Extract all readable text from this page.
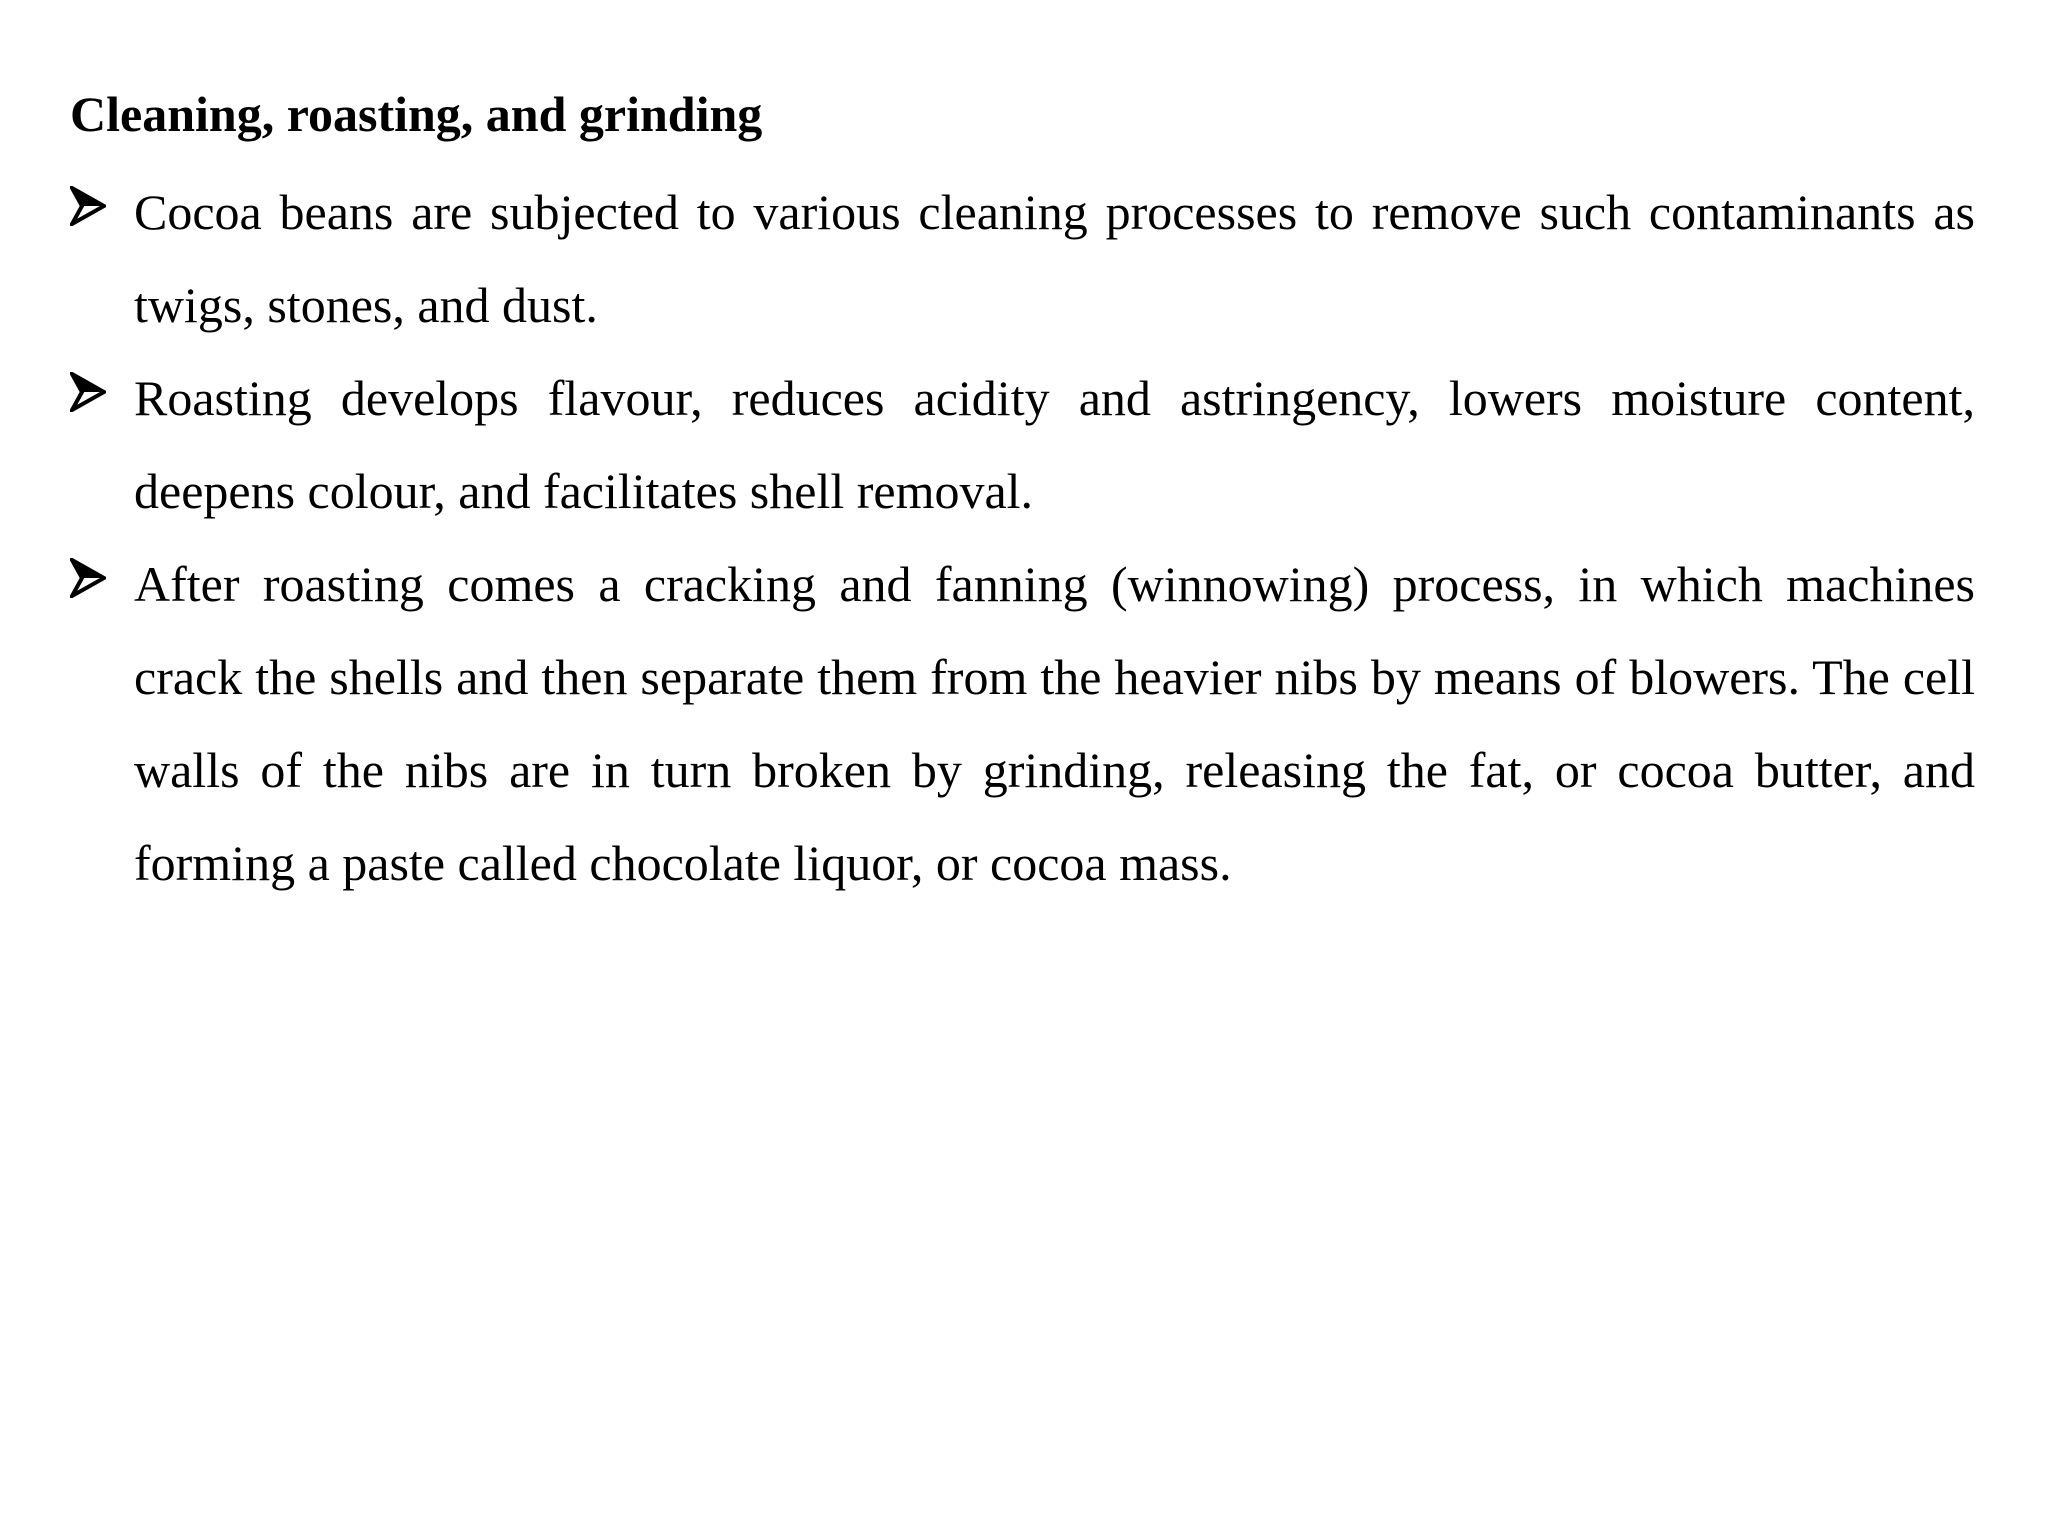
Cleaning, roasting, and grinding
Cocoa beans are subjected to various cleaning processes to remove such contaminants as twigs, stones, and dust.
Roasting develops flavour, reduces acidity and astringency, lowers moisture content, deepens colour, and facilitates shell removal.
After roasting comes a cracking and fanning (winnowing) process, in which machines crack the shells and then separate them from the heavier nibs by means of blowers. The cell walls of the nibs are in turn broken by grinding, releasing the fat, or cocoa butter, and forming a paste called chocolate liquor, or cocoa mass.
